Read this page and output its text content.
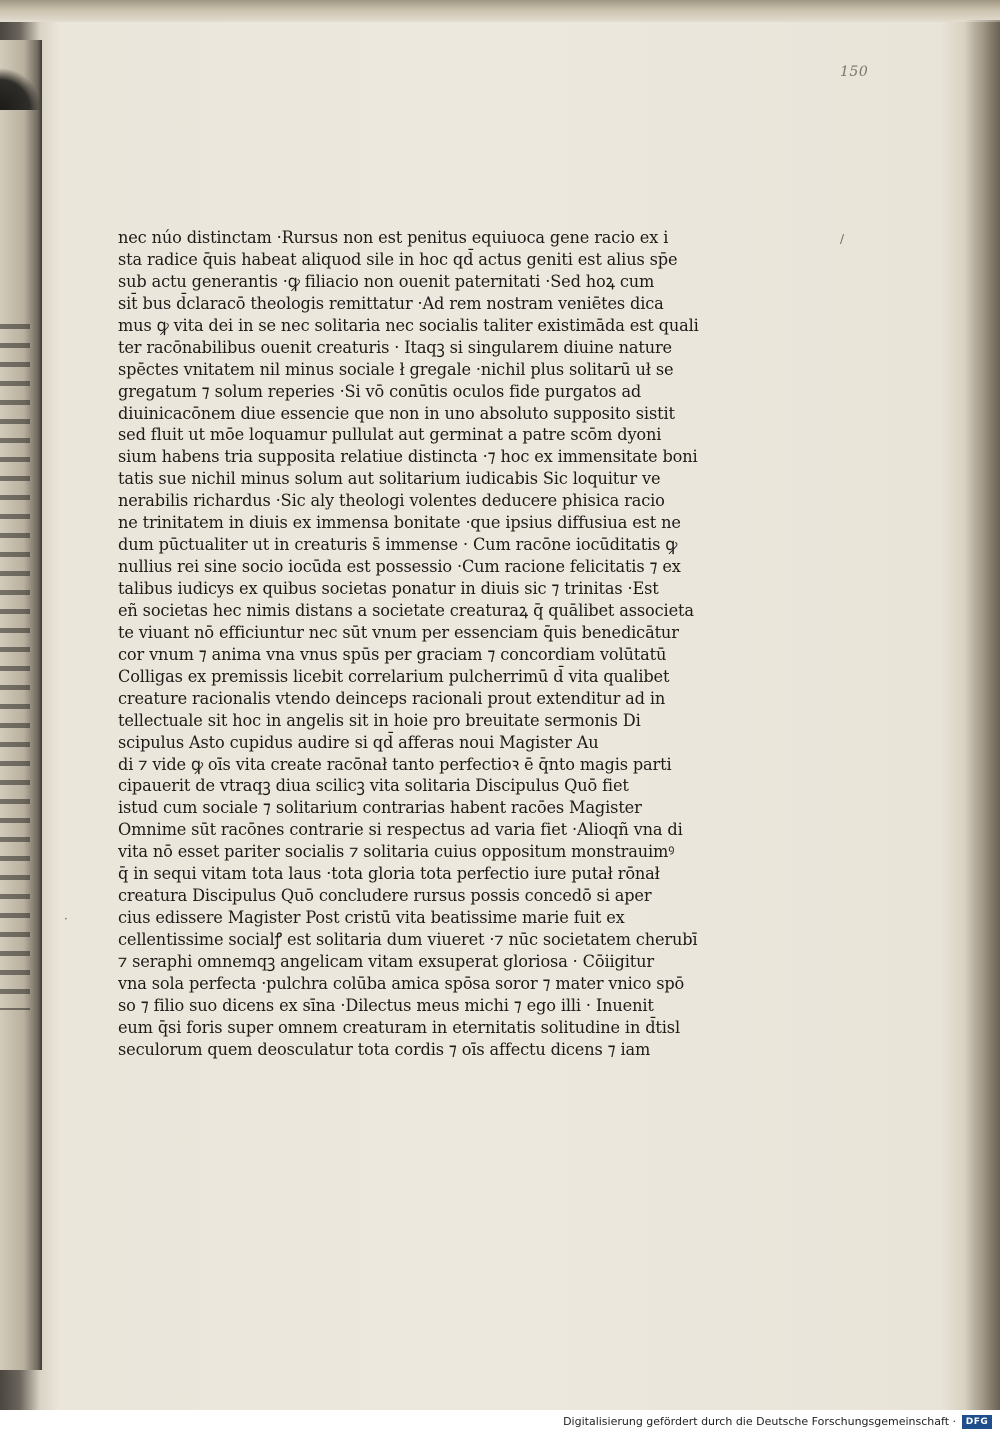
150
/
·
nec núo distinctam ·Rursus non est penitus equiuoca gene racio ex i
sta radice q̄uis habeat aliquod sile in hoc qd̄ actus geniti est alius sp̄e
sub actu generantis ·ꝙ filiacio non ouenit paternitati ·Sed hoꝝ cum
sit̄ bus d̄claracō theologis remittatur ·Ad rem nostram veniētes dica
mus ꝙ vita dei in se nec solitaria nec socialis taliter existimāda est quali
ter racōnabilibus ouenit creaturis · Itaqꝫ si singularem diuine nature
spēctes vnitatem nil minus sociale ł gregale ·nichil plus solitarū uł se
gregatum ⁊ solum reperies ·Si vō conūtis oculos fide purgatos ad
diuinicacōnem diue essencie que non in uno absoluto supposito sistit
sed fluit ut mōe loquamur pullulat aut germinat a patre scōm dyoni
sium habens tria supposita relatiue distincta ·⁊ hoc ex immensitate boni
tatis sue nichil minus solum aut solitarium iudicabis Sic loquitur ve
nerabilis richardus ·Sic aly theologi volentes deducere phisica racio
ne trinitatem in diuis ex immensa bonitate ·que ipsius diffusiua est ne
dum pūctualiter ut in creaturis s̄ immense · Cum racōne iocūditatis ꝙ
nullius rei sine socio iocūda est possessio ·Cum racione felicitatis ⁊ ex
talibus iudicys ex quibus societas ponatur in diuis sic ⁊ trinitas ·Est
eñ societas hec nimis distans a societate creaturaꝝ q̄ quālibet associeta
te viuant nō efficiuntur nec sūt vnum per essenciam q̄uis benedicātur
cor vnum ⁊ anima vna vnus spūs per graciam ⁊ concordiam volūtatū
Colligas ex premissis licebit correlarium pulcherrimū d̄ vita qualibet
creature racionalis vtendo deinceps racionali prout extenditur ad in
tellectuale sit hoc in angelis sit in hoie pro breuitate sermonis Di
scipulus Asto cupidus audire si qd̄ afferas noui Magister Au
di ⁊ vide ꝙ oīs vita create racōnał tanto perfectioꝛ ē q̄nto magis parti
cipauerit de vtraqꝫ diua scilicꝫ vita solitaria Discipulus Quō fiet
istud cum sociale ⁊ solitarium contrarias habent racōes Magister
Omnime sūt racōnes contrarie si respectus ad varia fiet ·Alioqñ vna di
vita nō esset pariter socialis ⁊ solitaria cuius oppositum monstrauimꝰ
q̄ in sequi vitam tota laus ·tota gloria tota perfectio iure putał rōnał
creatura Discipulus Quō concludere rursus possis concedō si aper
cius edissere Magister Post cristū vita beatissime marie fuit ex
cellentissime socialꝭ est solitaria dum viueret ·⁊ nūc societatem cherubī
⁊ seraphi omnemqꝫ angelicam vitam exsuperat gloriosa · Cōiigitur
vna sola perfecta ·pulchra colūba amica spōsa soror ⁊ mater vnico spō
so ⁊ filio suo dicens ex sīna ·Dilectus meus michi ⁊ ego illi · Inuenit
eum q̄si foris super omnem creaturam in eternitatis solitudine in d̄tisl
seculorum quem deosculatur tota cordis ⁊ oīs affectu dicens ⁊ iam
Digitalisierung gefördert durch die Deutsche Forschungsgemeinschaft ·	DFG
